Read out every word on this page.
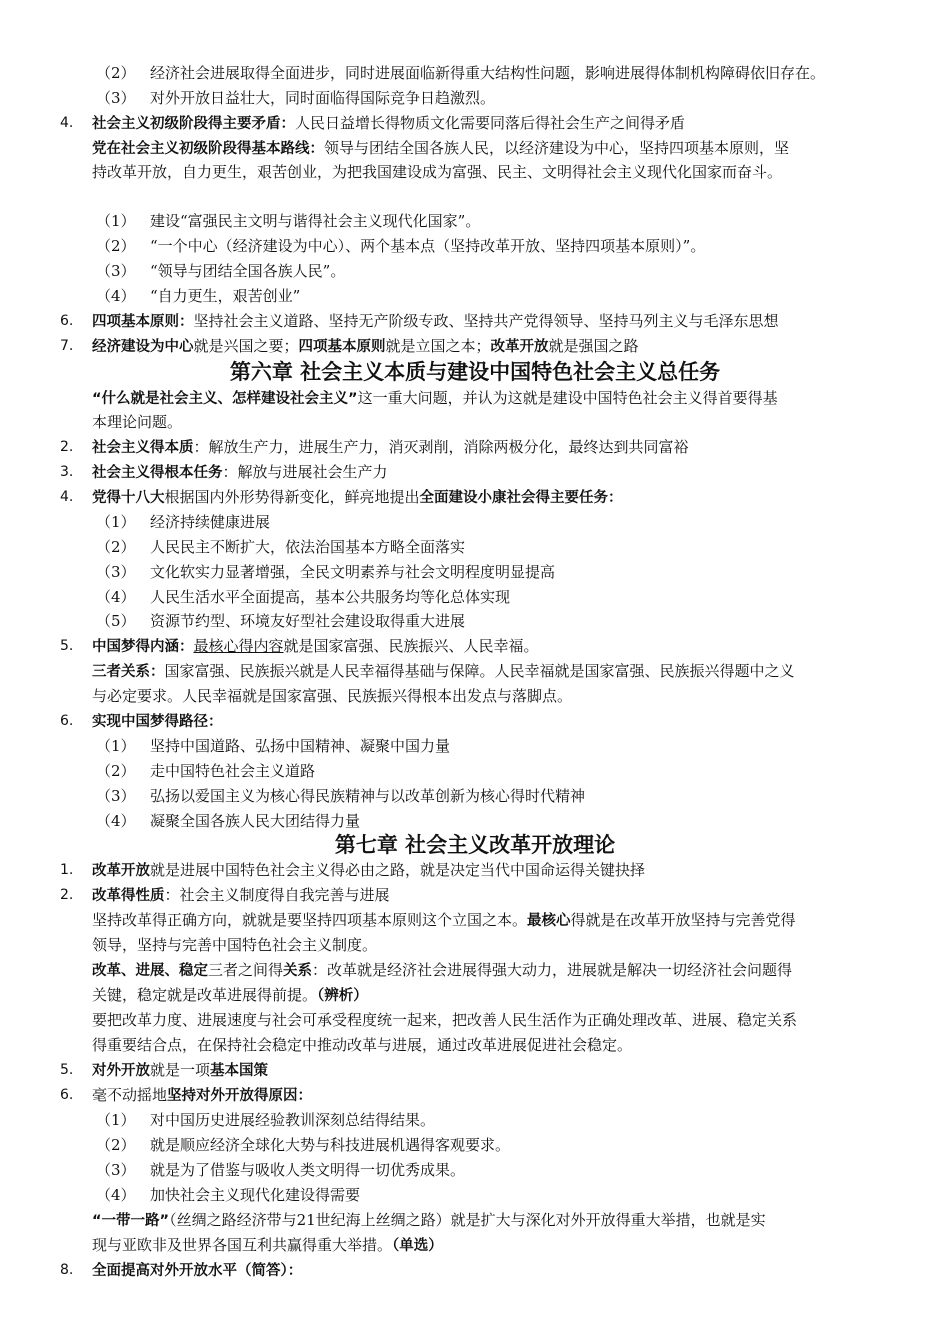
（2） 经济社会进展取得全面进步，同时进展面临新得重大结构性问题，影响进展得体制机构障碍依旧存在。
（3） 对外开放日益壮大，同时面临得国际竞争日趋激烈。
4. 社会主义初级阶段得主要矛盾：人民日益增长得物质文化需要同落后得社会生产之间得矛盾
党在社会主义初级阶段得基本路线：领导与团结全国各族人民，以经济建设为中心，坚持四项基本原则，坚
持改革开放，自力更生，艰苦创业，为把我国建设成为富强、民主、文明得社会主义现代化国家而奋斗。
（1） 建设“富强民主文明与谐得社会主义现代化国家”。
（2） “一个中心（经济建设为中心）、两个基本点（坚持改革开放、坚持四项基本原则）”。
（3） “领导与团结全国各族人民”。
（4） “自力更生，艰苦创业”
6. 四项基本原则：坚持社会主义道路、坚持无产阶级专政、坚持共产党得领导、坚持马列主义与毛泽东思想
7. 经济建设为中心就是兴国之要；四项基本原则就是立国之本；改革开放就是强国之路
第六章 社会主义本质与建设中国特色社会主义总任务
“什么就是社会主义、怎样建设社会主义”这一重大问题，并认为这就是建设中国特色社会主义得首要得基
本理论问题。
2. 社会主义得本质：解放生产力，进展生产力，消灭剥削，消除两极分化，最终达到共同富裕
3. 社会主义得根本任务：解放与进展社会生产力
4. 党得十八大根据国内外形势得新变化，鲜亮地提出全面建设小康社会得主要任务：
（1） 经济持续健康进展
（2） 人民民主不断扩大，依法治国基本方略全面落实
（3） 文化软实力显著增强，全民文明素养与社会文明程度明显提高
（4） 人民生活水平全面提高，基本公共服务均等化总体实现
（5） 资源节约型、环境友好型社会建设取得重大进展
5. 中国梦得内涵：最核心得内容就是国家富强、民族振兴、人民幸福。
三者关系：国家富强、民族振兴就是人民幸福得基础与保障。人民幸福就是国家富强、民族振兴得题中之义
与必定要求。人民幸福就是国家富强、民族振兴得根本出发点与落脚点。
6. 实现中国梦得路径：
（1） 坚持中国道路、弘扬中国精神、凝聚中国力量
（2） 走中国特色社会主义道路
（3） 弘扬以爱国主义为核心得民族精神与以改革创新为核心得时代精神
（4） 凝聚全国各族人民大团结得力量
第七章 社会主义改革开放理论
1. 改革开放就是进展中国特色社会主义得必由之路，就是决定当代中国命运得关键抉择
2. 改革得性质：社会主义制度得自我完善与进展
坚持改革得正确方向，就就是要坚持四项基本原则这个立国之本。最核心得就是在改革开放坚持与完善党得
领导，坚持与完善中国特色社会主义制度。
改革、进展、稳定三者之间得关系：改革就是经济社会进展得强大动力，进展就是解决一切经济社会问题得
关键，稳定就是改革进展得前提。（辨析）
要把改革力度、进展速度与社会可承受程度统一起来，把改善人民生活作为正确处理改革、进展、稳定关系
得重要结合点，在保持社会稳定中推动改革与进展，通过改革进展促进社会稳定。
5. 对外开放就是一项基本国策
6. 毫不动摇地坚持对外开放得原因：
（1） 对中国历史进展经验教训深刻总结得结果。
（2） 就是顺应经济全球化大势与科技进展机遇得客观要求。
（3） 就是为了借鉴与吸收人类文明得一切优秀成果。
（4） 加快社会主义现代化建设得需要
“一带一路”（丝绸之路经济带与21世纪海上丝绸之路）就是扩大与深化对外开放得重大举措，也就是实
现与亚欧非及世界各国互利共赢得重大举措。（单选）
8. 全面提高对外开放水平（简答）：
